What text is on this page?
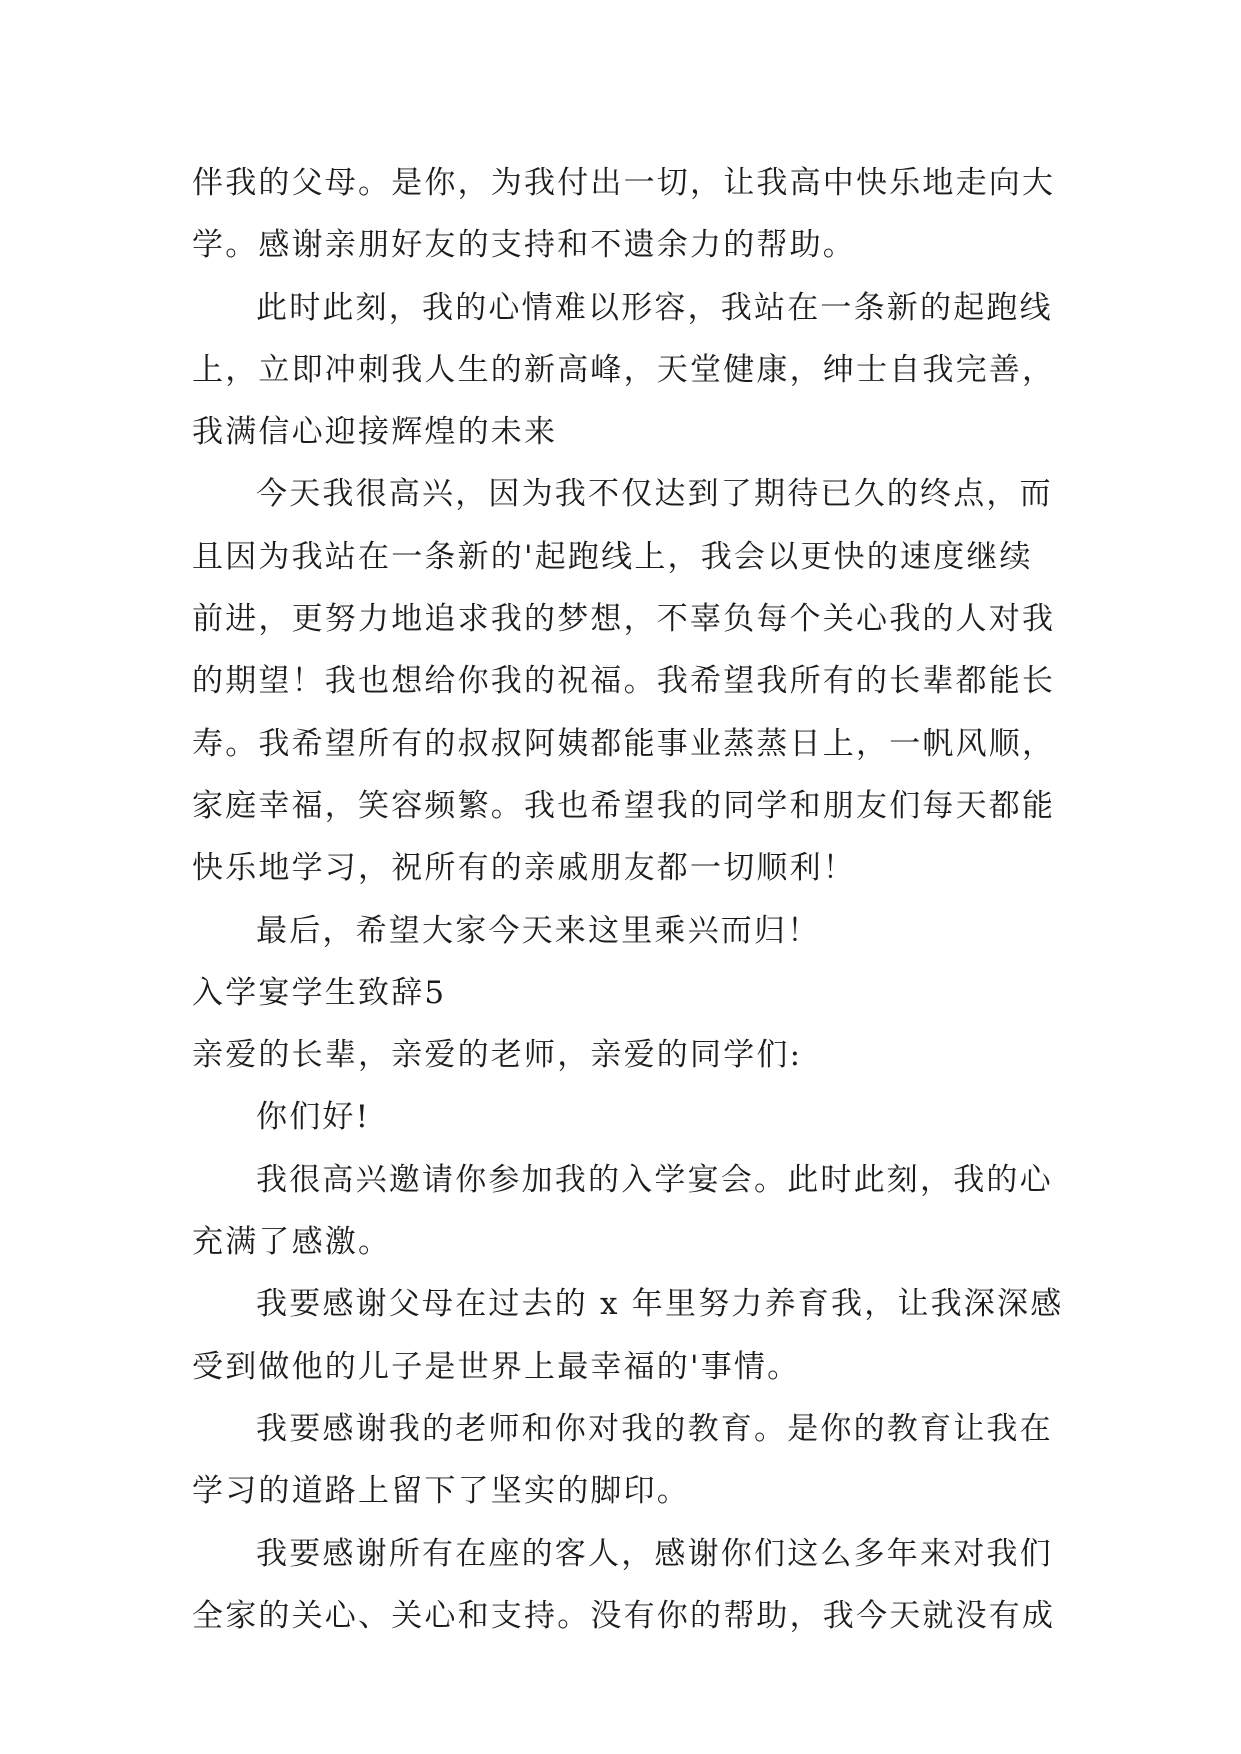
伴我的父母。是你，为我付出一切，让我高中快乐地走向大
学。感谢亲朋好友的支持和不遗余力的帮助。
此时此刻，我的心情难以形容，我站在一条新的起跑线
上，立即冲刺我人生的新高峰，天堂健康，绅士自我完善，
我满信心迎接辉煌的未来
今天我很高兴，因为我不仅达到了期待已久的终点，而
且因为我站在一条新的'起跑线上，我会以更快的速度继续
前进，更努力地追求我的梦想，不辜负每个关心我的人对我
的期望！我也想给你我的祝福。我希望我所有的长辈都能长
寿。我希望所有的叔叔阿姨都能事业蒸蒸日上，一帆风顺，
家庭幸福，笑容频繁。我也希望我的同学和朋友们每天都能
快乐地学习，祝所有的亲戚朋友都一切顺利！
最后，希望大家今天来这里乘兴而归！
入学宴学生致辞5
亲爱的长辈，亲爱的老师，亲爱的同学们:
你们好!
我很高兴邀请你参加我的入学宴会。此时此刻，我的心
充满了感激。
我要感谢父母在过去的 x 年里努力养育我，让我深深感
受到做他的儿子是世界上最幸福的'事情。
我要感谢我的老师和你对我的教育。是你的教育让我在
学习的道路上留下了坚实的脚印。
我要感谢所有在座的客人，感谢你们这么多年来对我们
全家的关心、关心和支持。没有你的帮助，我今天就没有成
